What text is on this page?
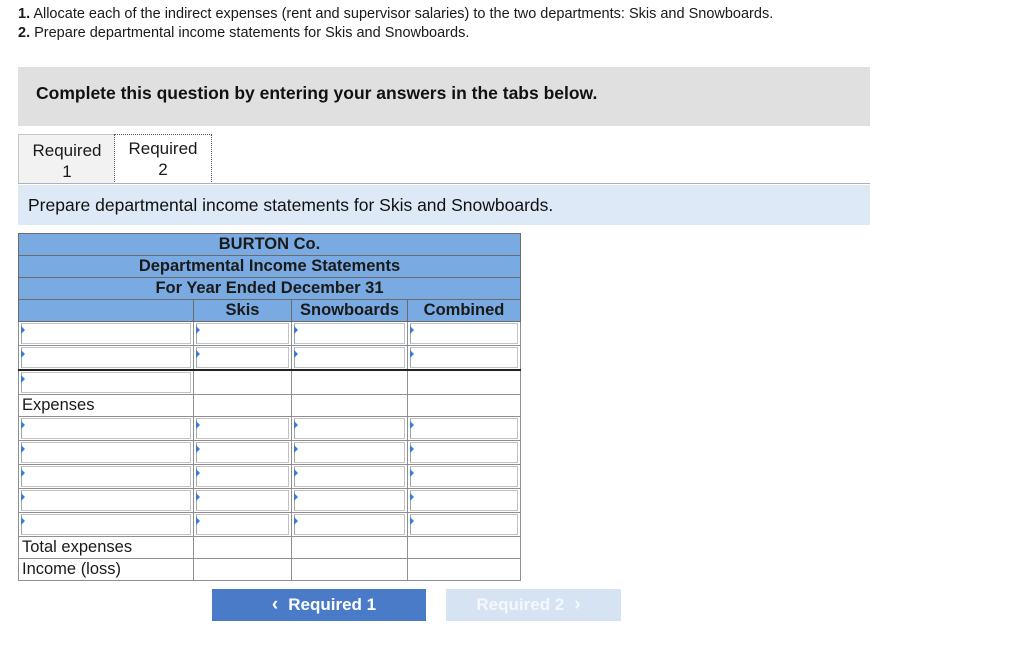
1. Allocate each of the indirect expenses (rent and supervisor salaries) to the two departments: Skis and Snowboards.
2. Prepare departmental income statements for Skis and Snowboards.
Complete this question by entering your answers in the tabs below.
Required
1
Required
2
Prepare departmental income statements for Skis and Snowboards.
BURTON Co.			
Departmental Income Statements			
For Year Ended December 31			
	Skis	Snowboards	Combined

Expenses			

Total expenses			
Income (loss)			
‹ Required 1	Required 2 ›
